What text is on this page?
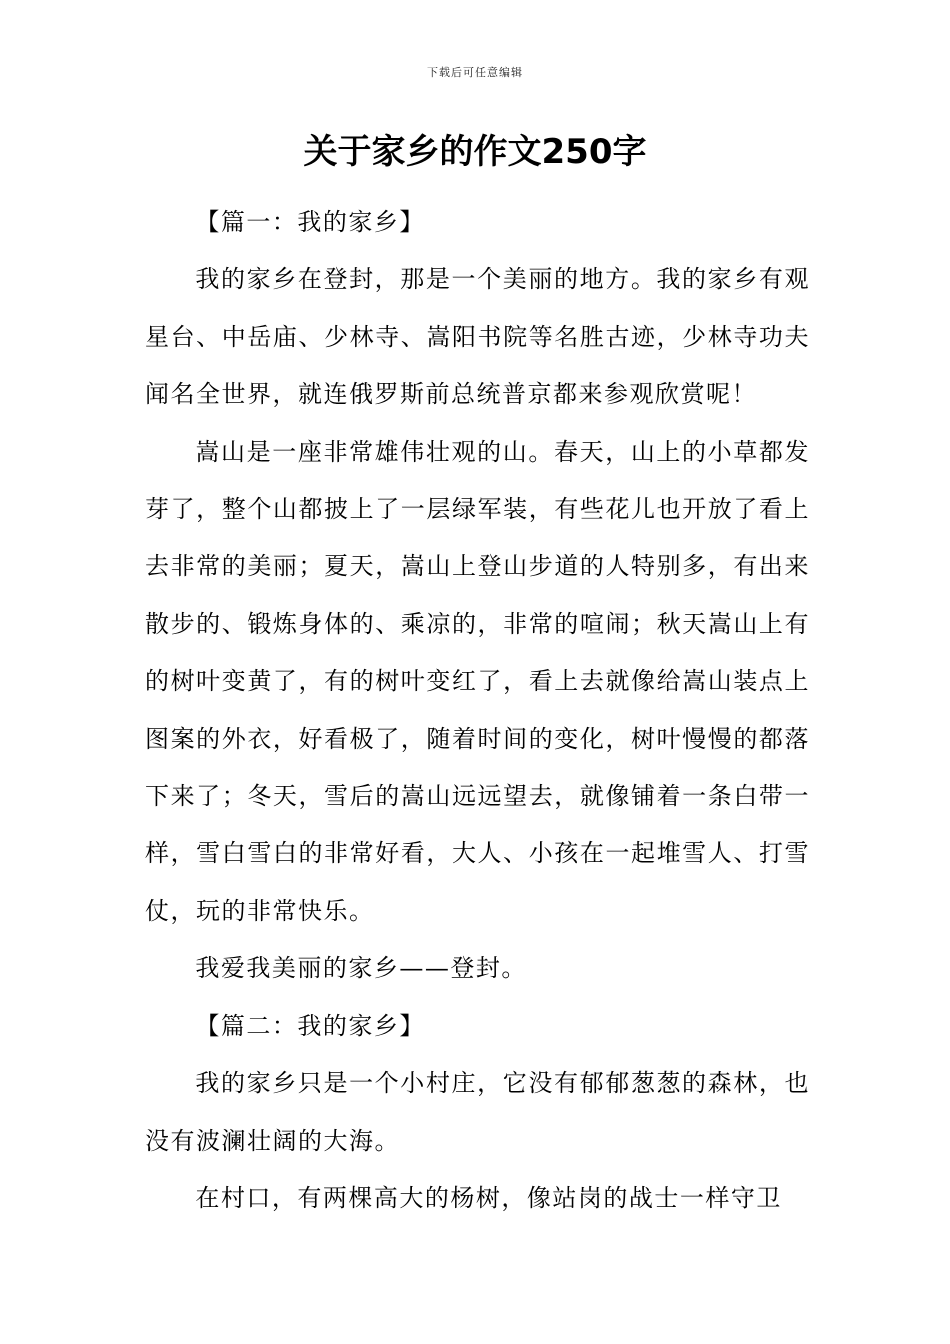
下载后可任意编辑
关于家乡的作文250字

【篇一：我的家乡】

我的家乡在登封，那是一个美丽的地方。我的家乡有观星台、中岳庙、少林寺、嵩阳书院等名胜古迹，少林寺功夫闻名全世界，就连俄罗斯前总统普京都来参观欣赏呢！

嵩山是一座非常雄伟壮观的山。春天，山上的小草都发芽了，整个山都披上了一层绿军装，有些花儿也开放了看上去非常的美丽；夏天，嵩山上登山步道的人特别多，有出来散步的、锻炼身体的、乘凉的，非常的喧闹；秋天嵩山上有的树叶变黄了，有的树叶变红了，看上去就像给嵩山装点上图案的外衣，好看极了，随着时间的变化，树叶慢慢的都落下来了；冬天，雪后的嵩山远远望去，就像铺着一条白带一样，雪白雪白的非常好看，大人、小孩在一起堆雪人、打雪仗，玩的非常快乐。

我爱我美丽的家乡——登封。

【篇二：我的家乡】

我的家乡只是一个小村庄，它没有郁郁葱葱的森林，也没有波澜壮阔的大海。

在村口，有两棵高大的杨树，像站岗的战士一样守卫
